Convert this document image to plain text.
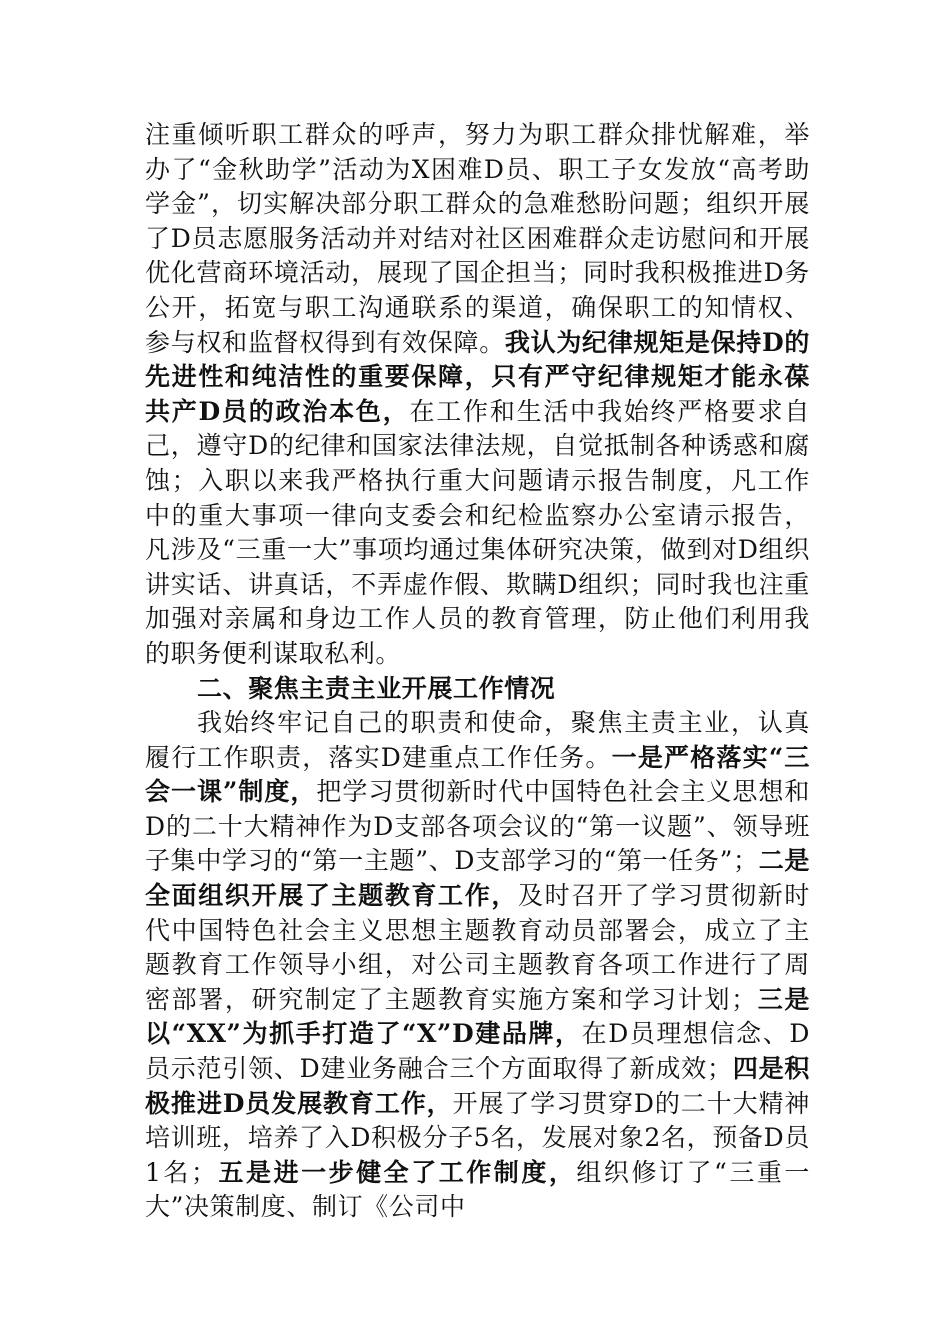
注重倾听职工群众的呼声，努力为职工群众排忧解难，举办了“金秋助学”活动为X困难D员、职工子女发放“高考助学金”，切实解决部分职工群众的急难愁盼问题；组织开展了D员志愿服务活动并对结对社区困难群众走访慰问和开展优化营商环境活动，展现了国企担当；同时我积极推进D务公开，拓宽与职工沟通联系的渠道，确保职工的知情权、参与权和监督权得到有效保障。我认为纪律规矩是保持D的先进性和纯洁性的重要保障，只有严守纪律规矩才能永葆共产D员的政治本色，在工作和生活中我始终严格要求自己，遵守D的纪律和国家法律法规，自觉抵制各种诱惑和腐蚀；入职以来我严格执行重大问题请示报告制度，凡工作中的重大事项一律向支委会和纪检监察办公室请示报告，凡涉及“三重一大”事项均通过集体研究决策，做到对D组织讲实话、讲真话，不弄虚作假、欺瞒D组织；同时我也注重加强对亲属和身边工作人员的教育管理，防止他们利用我的职务便利谋取私利。

二、聚焦主责主业开展工作情况

我始终牢记自己的职责和使命，聚焦主责主业，认真履行工作职责，落实D建重点工作任务。一是严格落实“三会一课”制度，把学习贯彻新时代中国特色社会主义思想和D的二十大精神作为D支部各项会议的“第一议题”、领导班子集中学习的“第一主题”、D支部学习的“第一任务”；二是全面组织开展了主题教育工作，及时召开了学习贯彻新时代中国特色社会主义思想主题教育动员部署会，成立了主题教育工作领导小组，对公司主题教育各项工作进行了周密部署，研究制定了主题教育实施方案和学习计划；三是以“XX”为抓手打造了“X”D建品牌，在D员理想信念、D员示范引领、D建业务融合三个方面取得了新成效；四是积极推进D员发展教育工作，开展了学习贯穿D的二十大精神培训班，培养了入D积极分子5名，发展对象2名，预备D员1名；五是进一步健全了工作制度，组织修订了“三重一大”决策制度、制订《公司中
